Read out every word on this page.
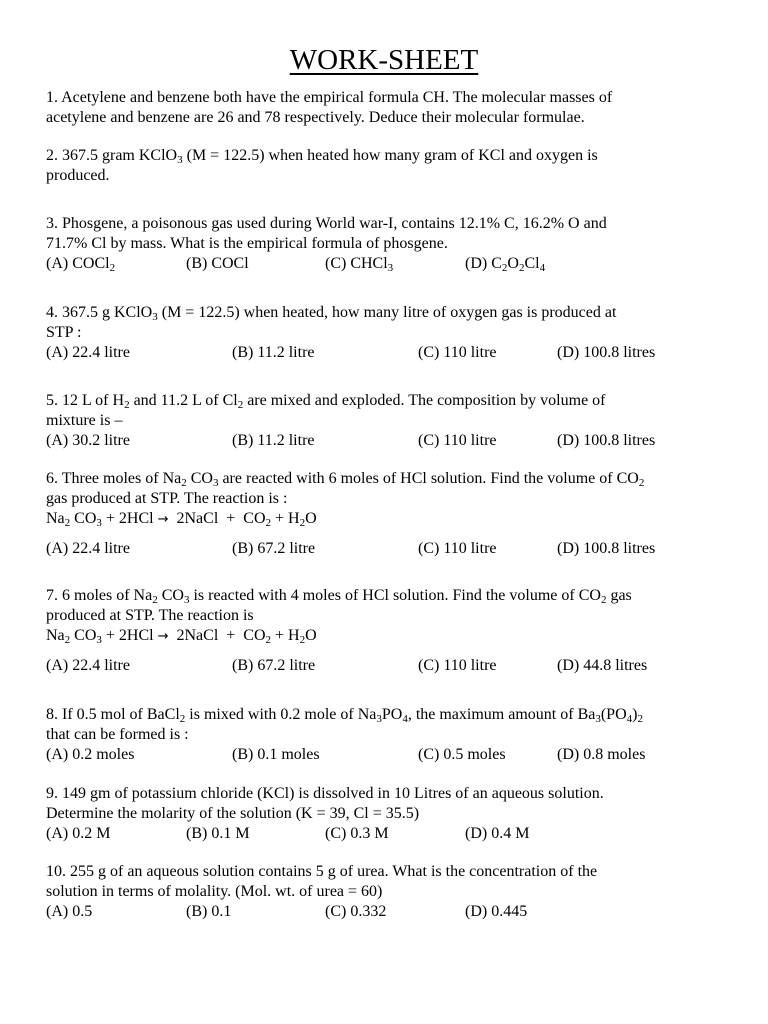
WORK-SHEET
1. Acetylene and benzene both have the empirical formula CH. The molecular masses of
acetylene and benzene are 26 and 78 respectively. Deduce their molecular formulae.
2. 367.5 gram KClO$_3$ (M = 122.5) when heated how many gram of KCl and oxygen is
produced.
3. Phosgene, a poisonous gas used during World war-I, contains 12.1% C, 16.2% O and
71.7% Cl by mass. What is the empirical formula of phosgene.
(A) COCl$_2$	(B) COCl	(C) CHCl$_3$	(D) $C_2O_2Cl_4$
4. 367.5 g KClO$_3$ (M = 122.5) when heated, how many litre of oxygen gas is produced at
STP :
(A) 22.4 litre	(B) 11.2 litre	(C) 110 litre	(D) 100.8 litres
5. 12 L of $H_2$ and 11.2 L of $Cl_2$ are mixed and exploded. The composition by volume of
mixture is –
(A) 30.2 litre	(B) 11.2 litre	(C) 110 litre	(D) 100.8 litres
6. Three moles of $Na_2$ $CO_3$ are reacted with 6 moles of HCl solution. Find the volume of $CO_2$
gas produced at STP. The reaction is :
$Na_2$ $CO_3 + 2HCl$ →  2NaCl  +  $CO_2 + H_2O$
(A) 22.4 litre	(B) 67.2 litre	(C) 110 litre	(D) 100.8 litres
7. 6 moles of $Na_2$ $CO_3$ is reacted with 4 moles of HCl solution. Find the volume of $CO_2$ gas
produced at STP. The reaction is
$Na_2$ $CO_3 + 2HCl$ →  2NaCl  +  $CO_2 + H_2O$
(A) 22.4 litre	(B) 67.2 litre	(C) 110 litre	(D) 44.8 litres
8. If 0.5 mol of BaCl$_2$ is mixed with 0.2 mole of $Na_3PO_4$, the maximum amount of $Ba_3(PO_4)_2$
that can be formed is :
(A) 0.2 moles	(B) 0.1 moles	(C) 0.5 moles	(D) 0.8 moles
9. 149 gm of potassium chloride (KCl) is dissolved in 10 Litres of an aqueous solution.
Determine the molarity of the solution (K = 39, Cl = 35.5)
(A) 0.2 M	(B) 0.1 M	(C) 0.3 M	(D) 0.4 M
10. 255 g of an aqueous solution contains 5 g of urea. What is the concentration of the
solution in terms of molality. (Mol. wt. of urea = 60)
(A) 0.5	(B) 0.1	(C) 0.332	(D) 0.445
